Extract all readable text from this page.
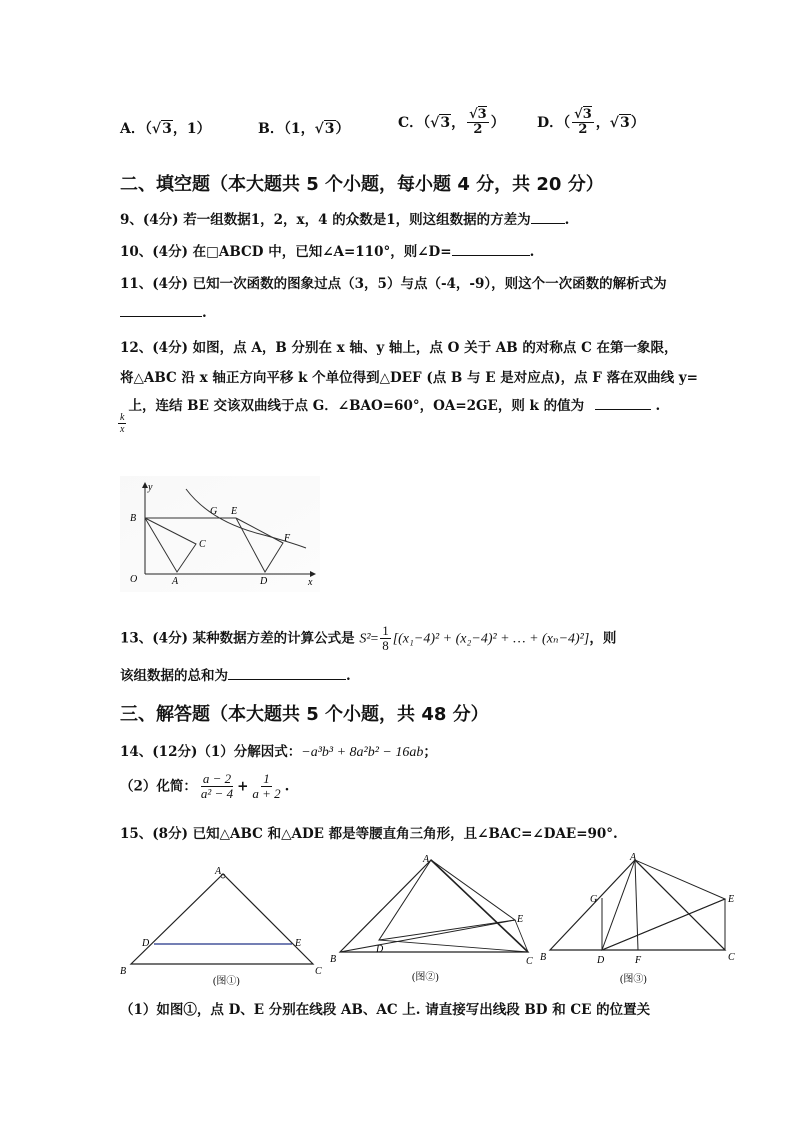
A．（√3，1）	B．（1，√3）	C．（√3， $\frac{√3}{2}$ ） D．（ $\frac{√3}{2}$ ，√3）
二、填空题（本大题共 5 个小题，每小题 4 分，共 20 分）
9、(4分) 若一组数据1，2，x，4 的众数是1，则这组数据的方差为	.
10、(4分) 在□ABCD 中，已知∠A=110°，则∠D=	.
11、(4分) 已知一次函数的图象过点（3，5）与点（-4，-9），则这个一次函数的解析式为
.
12、(4分) 如图，点 A，B 分别在 x 轴、y 轴上，点 O 关于 AB 的对称点 C 在第一象限，
将△ABC 沿 x 轴正方向平移 k 个单位得到△DEF (点 B 与 E 是对应点)，点 F 落在双曲线 y=
$\frac{k}{x}$
上，连结 BE 交该双曲线于点 G．∠BAO=60°，OA=2GE，则 k 的值为	.
y
x
B
G E
C
F
O	A	D
13、(4分) 某种数据方差的计算公式是 $S^2= \frac{1}{8} [(x_1-4)^2 + (x_2-4)^2$ + … + (xₙ−4)²]，则
该组数据的总和为	.
三、解答题（本大题共 5 个小题，共 48 分）
14、(12分)（1）分解因式：−a³b³ + 8a²b² − 16ab；
（2）化简： $\frac{a - 2}{\text{a² − 4}} + \frac{1}{a + 2}$ .
15、(8分) 已知△ABC 和△ADE 都是等腰直角三角形，且∠BAC=∠DAE=90°.
A
B	C
D	E
(图①)
A
B	C
D
E
(图②)
A
B	C
D
E
F
G
(图③)
（1）如图①，点 D、E 分别在线段 AB、AC 上. 请直接写出线段 BD 和 CE 的位置关
